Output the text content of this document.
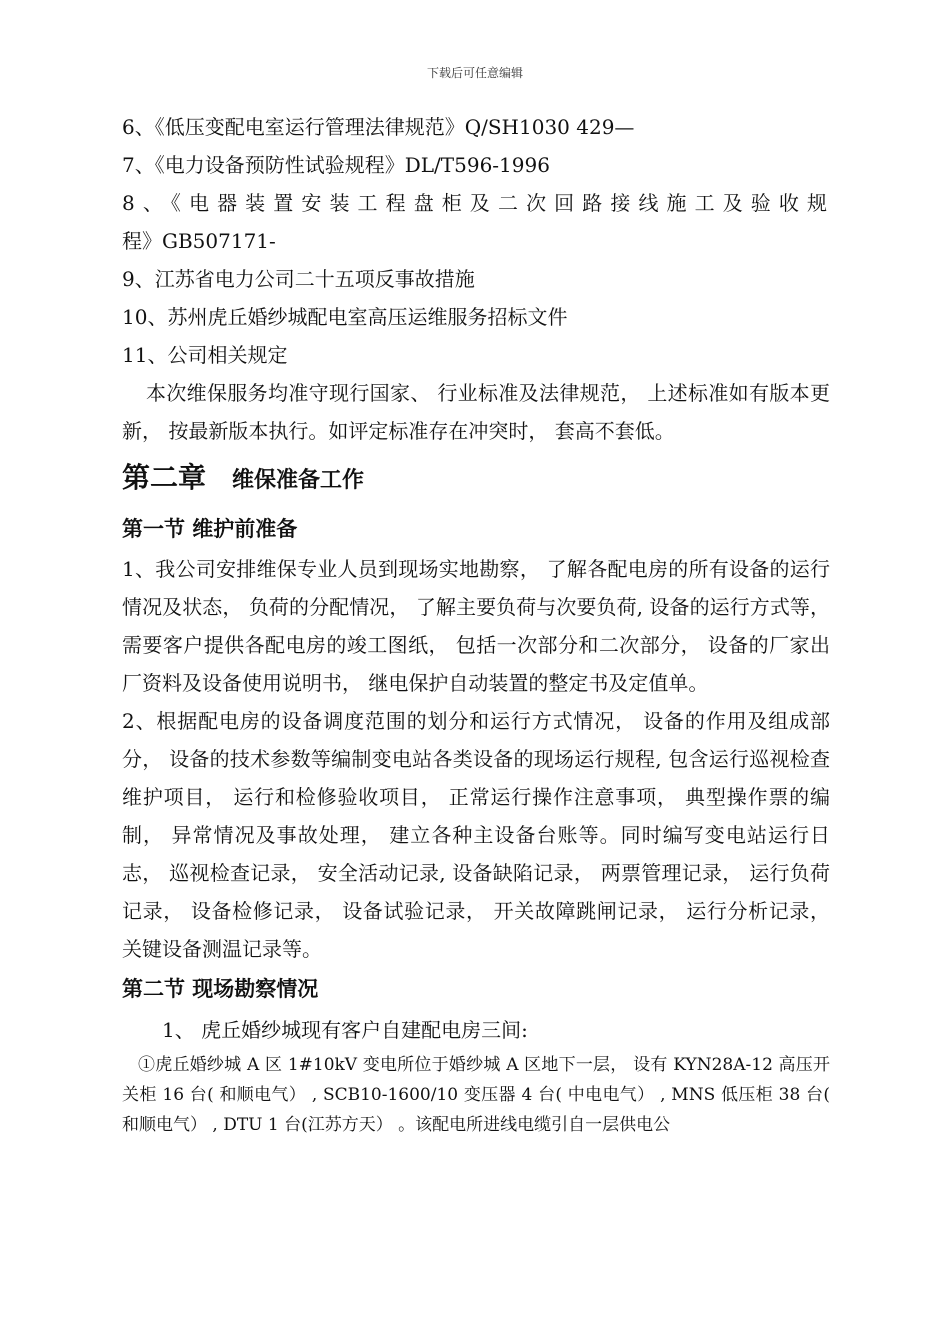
下载后可任意编辑

6、《低压变配电室运行管理法律规范》Q/SH1030 429—

7、《电力设备预防性试验规程》DL/T596-1996

8、《电器装置安装工程盘柜及二次回路接线施工及验收规

程》GB507171-

9、江苏省电力公司二十五项反事故措施

10、苏州虎丘婚纱城配电室高压运维服务招标文件

11、公司相关规定

本次维保服务均准守现行国家、 行业标准及法律规范， 上述标准如有版本更新， 按最新版本执行。如评定标准存在冲突时， 套高不套低。

第二章 维保准备工作

第一节 维护前准备

1、我公司安排维保专业人员到现场实地勘察， 了解各配电房的所有设备的运行情况及状态， 负荷的分配情况， 了解主要负荷与次要负荷, 设备的运行方式等， 需要客户提供各配电房的竣工图纸， 包括一次部分和二次部分， 设备的厂家出厂资料及设备使用说明书， 继电保护自动装置的整定书及定值单。

2、根据配电房的设备调度范围的划分和运行方式情况， 设备的作用及组成部分， 设备的技术参数等编制变电站各类设备的现场运行规程, 包含运行巡视检查维护项目， 运行和检修验收项目， 正常运行操作注意事项， 典型操作票的编制， 异常情况及事故处理， 建立各种主设备台账等。同时编写变电站运行日志， 巡视检查记录， 安全活动记录, 设备缺陷记录， 两票管理记录， 运行负荷记录， 设备检修记录， 设备试验记录， 开关故障跳闸记录， 运行分析记录， 关键设备测温记录等。

第二节 现场勘察情况

1、 虎丘婚纱城现有客户自建配电房三间:

①虎丘婚纱城 A 区 1#10kV 变电所位于婚纱城 A 区地下一层， 设有 KYN28A-12 高压开关柜 16 台( 和顺电气） , SCB10-1600/10 变压器 4 台( 中电电气） , MNS 低压柜 38 台( 和顺电气） , DTU 1 台(江苏方天） 。该配电所进线电缆引自一层供电公
